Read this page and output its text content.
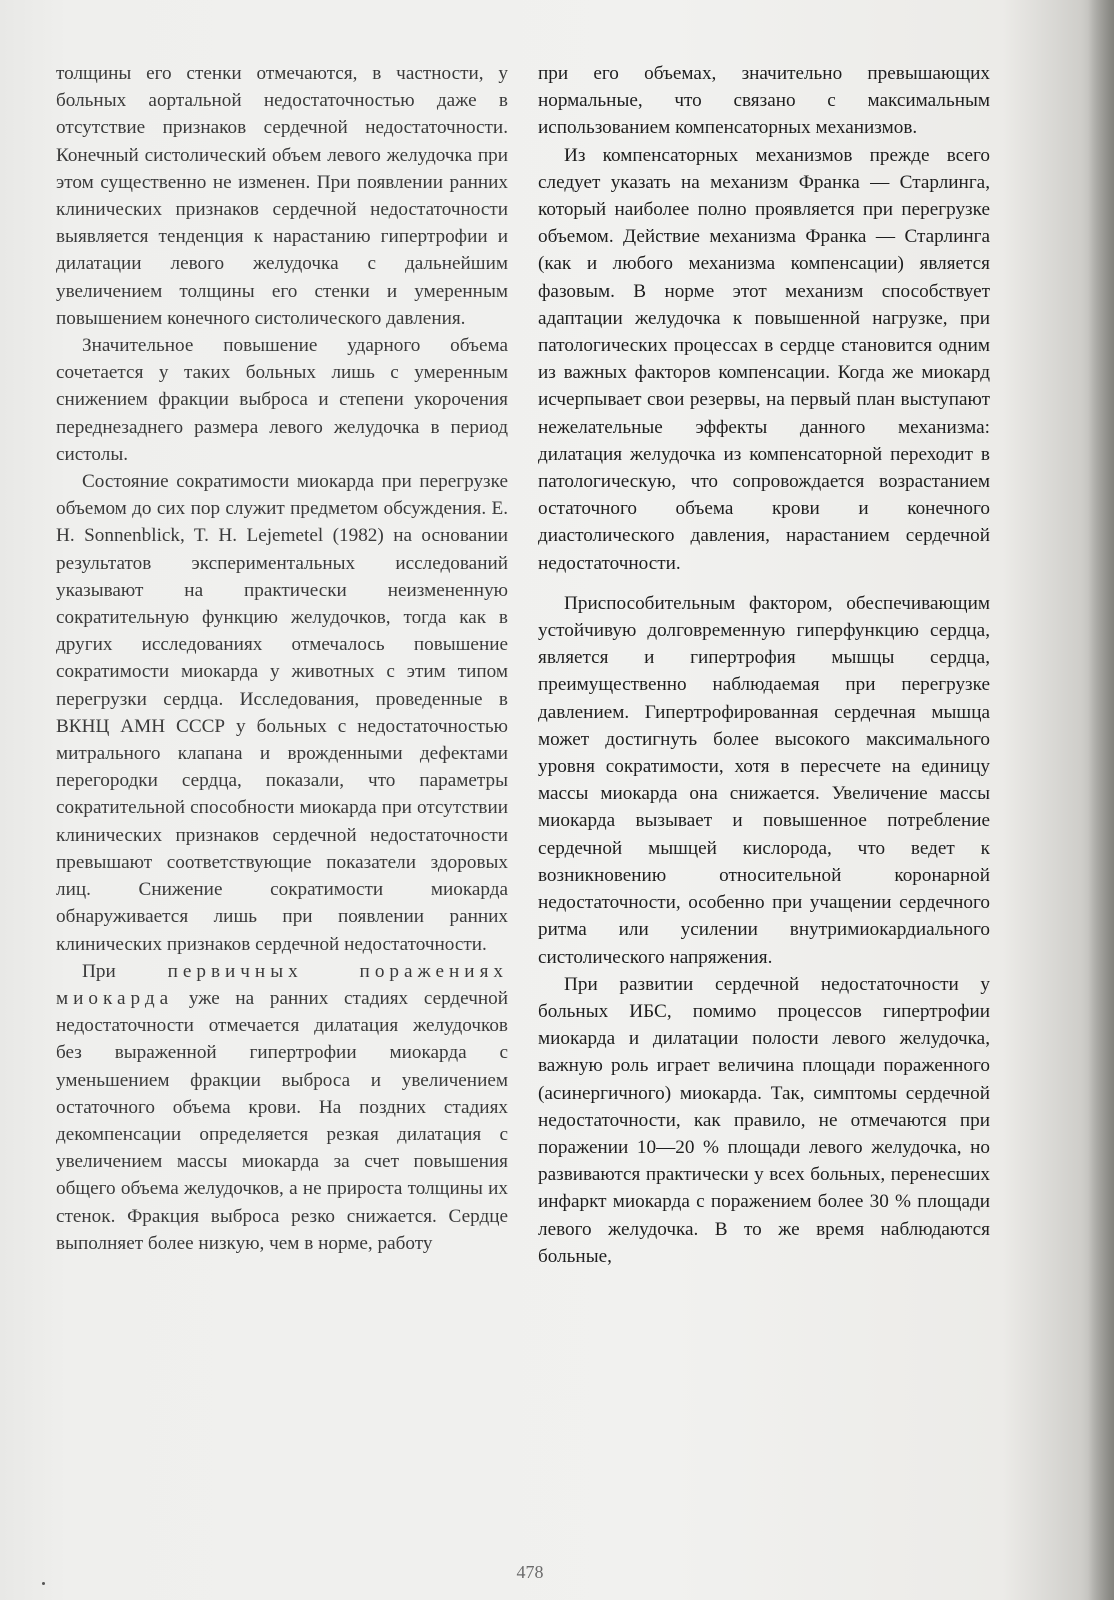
толщины его стенки отмечаются, в частности, у больных аортальной недостаточностью даже в отсутствие признаков сердечной недостаточности. Конечный систолический объем левого желудочка при этом существенно не изменен. При появлении ранних клинических признаков сердечной недостаточности выявляется тенденция к нарастанию гипертрофии и дилатации левого желудочка с дальнейшим увеличением толщины его стенки и умеренным повышением конечного систолического давления.

Значительное повышение ударного объема сочетается у таких больных лишь с умеренным снижением фракции выброса и степени укорочения переднезаднего размера левого желудочка в период систолы.

Состояние сократимости миокарда при перегрузке объемом до сих пор служит предметом обсуждения. E. H. Sonnenblick, T. H. Lejemetel (1982) на основании результатов экспериментальных исследований указывают на практически неизмененную сократительную функцию желудочков, тогда как в других исследованиях отмечалось повышение сократимости миокарда у животных с этим типом перегрузки сердца. Исследования, проведенные в ВКНЦ АМН СССР у больных с недостаточностью митрального клапана и врожденными дефектами перегородки сердца, показали, что параметры сократительной способности миокарда при отсутствии клинических признаков сердечной недостаточности превышают соответствующие показатели здоровых лиц. Снижение сократимости миокарда обнаруживается лишь при появлении ранних клинических признаков сердечной недостаточности.

При	первичных поражениях миокарда уже на ранних стадиях сердечной недостаточности отмечается дилатация желудочков без выраженной гипертрофии миокарда с уменьшением фракции выброса и увеличением остаточного объема крови. На поздних стадиях декомпенсации определяется резкая дилатация с увеличением массы миокарда за счет повышения общего объема желудочков, а не прироста толщины их стенок. Фракция выброса резко снижается. Сердце выполняет более низкую, чем в норме, работу

при его объемах, значительно превышающих нормальные, что связано с максимальным использованием компенсаторных механизмов.

Из компенсаторных механизмов прежде всего следует указать на механизм Франка — Старлинга, который наиболее полно проявляется при перегрузке объемом. Действие механизма Франка — Старлинга (как и любого механизма компенсации) является фазовым. В норме этот механизм способствует адаптации желудочка к повышенной нагрузке, при патологических процессах в сердце становится одним из важных факторов компенсации. Когда же миокард исчерпывает свои резервы, на первый план выступают нежелательные эффекты данного механизма: дилатация желудочка из компенсаторной переходит в патологическую, что сопровождается возрастанием остаточного объема крови и конечного диастолического давления, нарастанием сердечной недостаточности.

Приспособительным фактором, обеспечивающим устойчивую долговременную гиперфункцию сердца, является и гипертрофия мышцы сердца, преимущественно наблюдаемая при перегрузке давлением. Гипертрофированная сердечная мышца может достигнуть более высокого максимального уровня сократимости, хотя в пересчете на единицу массы миокарда она снижается. Увеличение массы миокарда вызывает и повышенное потребление сердечной мышцей кислорода, что ведет к возникновению относительной коронарной недостаточности, особенно при учащении сердечного ритма или усилении внутримиокардиального систолического напряжения.

При развитии сердечной недостаточности у больных ИБС, помимо процессов гипертрофии миокарда и дилатации полости левого желудочка, важную роль играет величина площади пораженного (асинергичного) миокарда. Так, симптомы сердечной недостаточности, как правило, не отмечаются при поражении 10—20 % площади левого желудочка, но развиваются практически у всех больных, перенесших инфаркт миокарда с поражением более 30 % площади левого желудочка. В то же время наблюдаются больные,

478
